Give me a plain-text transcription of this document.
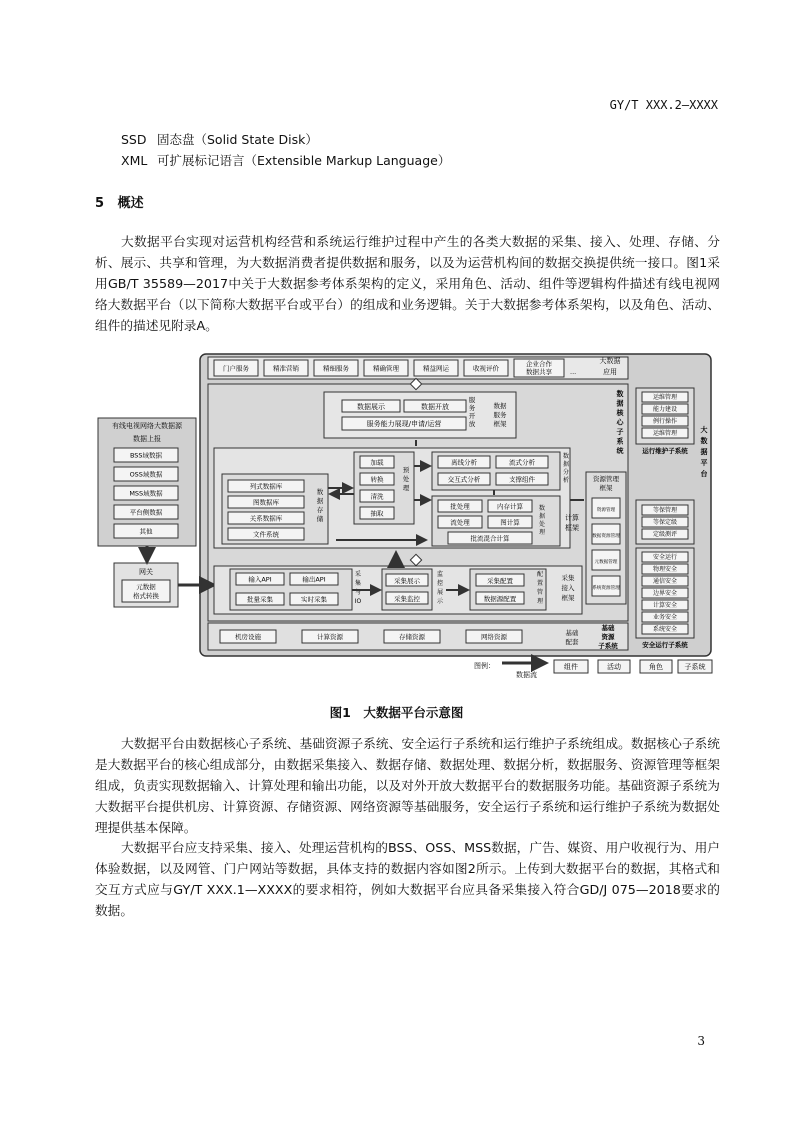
GY/T XXX.2—XXXX
SSD 固态盘（Solid State Disk）
XML 可扩展标记语言（Extensible Markup Language）
5 概述
大数据平台实现对运营机构经营和系统运行维护过程中产生的各类大数据的采集、接入、处理、存储、分析、展示、共享和管理，为大数据消费者提供数据和服务，以及为运营机构间的数据交换提供统一接口。图1采用GB/T 35589—2017中关于大数据参考体系架构的定义，采用角色、活动、组件等逻辑构件描述有线电视网络大数据平台（以下简称大数据平台或平台）的组成和业务逻辑。关于大数据参考体系架构，以及角色、活动、组件的描述见附录A。
门户服务	精准营销	精细服务	精确管理	精益网运	收视评价
企业合作
数据共享	...
大数据
应用
数
据
核
心
子
系
统
数据展示	数据开放
服务能力展现/申请/运营
服
务
开
放
数据
服务
框架
有线电视网络大数据源
数据上报
BSS域数据
OSS域数据
MSS域数据
平台侧数据
其他
网关
元数据
格式转换
列式数据库
图数据库
关系数据库
文件系统
数
据
存
储
加载
转换
清洗
抽取
预
处
理
离线分析	流式分析
交互式分析	支撑组件
数
据
分
析
批处理	内存计算
流处理	图计算
批流混合计算
数
据
处
理
计算
框架
资源管理
框架
资源管理
数据资源管理
元数据管理
系统资源管理
输入API	输出API
批量采集	实时采集
采
集
与
IO
采集展示
采集监控
监
控
展
示
采集配置
数据源配置
配
置
管
理
采集
接入
框架
机房设施	计算资源	存储资源	网络资源	基础
配套
基础
资源
子系统
运维管理
能力建设
例行操作
运维管理
运行维护子系统
大
数
据
平
台
等保管理
等保定级
定级测评
安全运行
物理安全
通信安全
边界安全
计算安全
业务安全
系统安全
安全运行子系统
图例：
数据流
组件	活动	角色	子系统
图1　大数据平台示意图
大数据平台由数据核心子系统、基础资源子系统、安全运行子系统和运行维护子系统组成。数据核心子系统是大数据平台的核心组成部分，由数据采集接入、数据存储、数据处理、数据分析，数据服务、资源管理等框架组成，负责实现数据输入、计算处理和输出功能，以及对外开放大数据平台的数据服务功能。基础资源子系统为大数据平台提供机房、计算资源、存储资源、网络资源等基础服务，安全运行子系统和运行维护子系统为数据处理提供基本保障。
大数据平台应支持采集、接入、处理运营机构的BSS、OSS、MSS数据，广告、媒资、用户收视行为、用户体验数据，以及网管、门户网站等数据，具体支持的数据内容如图2所示。上传到大数据平台的数据，其格式和交互方式应与GY/T XXX.1—XXXX的要求相符，例如大数据平台应具备采集接入符合GD/J 075—2018要求的数据。
3
